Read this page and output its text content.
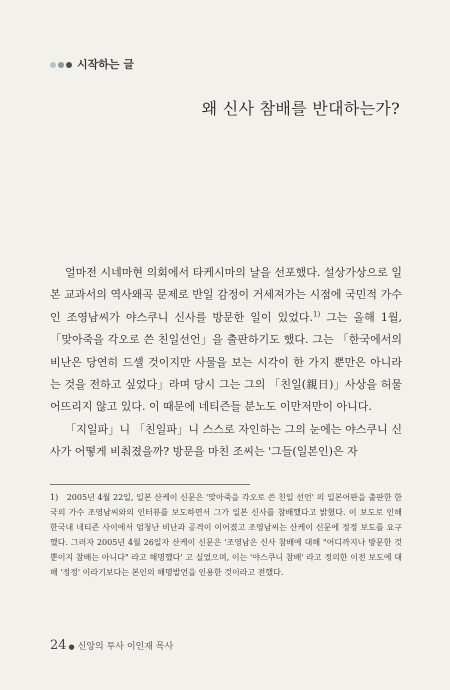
시작하는 글
왜 신사 참배를 반대하는가?

얼마전 시네마현 의회에서 타케시마의 날을 선포했다. 설상가상으로 일본 교과서의 역사왜곡 문제로 반일 감정이 거세져가는 시점에 국민적 가수인 조영남씨가 야스쿠니 신사를 방문한 일이 있었다.$^{1)}$ 그는 올해 1월, 「맞아죽을 각오로 쓴 친일선언」을 출판하기도 했다. 그는 「한국에서의 비난은 당연히 드셀 것이지만 사물을 보는 시각이 한 가지 뿐만은 아니라는 것을 전하고 싶었다」라며 당시 그는 그의 「친일(親日)」사상을 허물어뜨리지 않고 있다. 이 때문에 네티즌들 분노도 이만저만이 아니다.

「지일파」니 「친일파」니 스스로 자인하는 그의 눈에는 야스쿠니 신사가 어떻게 비춰졌을까? 방문을 마친 조씨는 '그들(일본인)은 자

1) 2005년 4월 22일, 일본 산케이 신문은 '맞아죽을 각오로 쓴 친일 선언' 의 일본어판을 출판한 한국의 가수 조영남씨와의 인터뷰를 보도하면서 그가 일본 신사를 참배했다고 밝혔다. 이 보도로 인해 한국내 네티즌 사이에서 엄청난 비난과 공격이 이어졌고 조영남씨는 산케이 신문에 정정 보도를 요구했다. 그러자 2005년 4월 26일자 산케이 신문은 '조영남은 신사 참배에 대해 "어디까지나 방문한 것뿐이지 참배는 아니다" 라고 해명했다' 고 실었으며, 이는 '야스쿠니 참배' 라고 정의한 이전 보도에 대해 '정정' 이라기보다는 본인의 해명발언을 인용한 것이라고 전했다.
24 ● 신앙의 투사 이인재 목사
